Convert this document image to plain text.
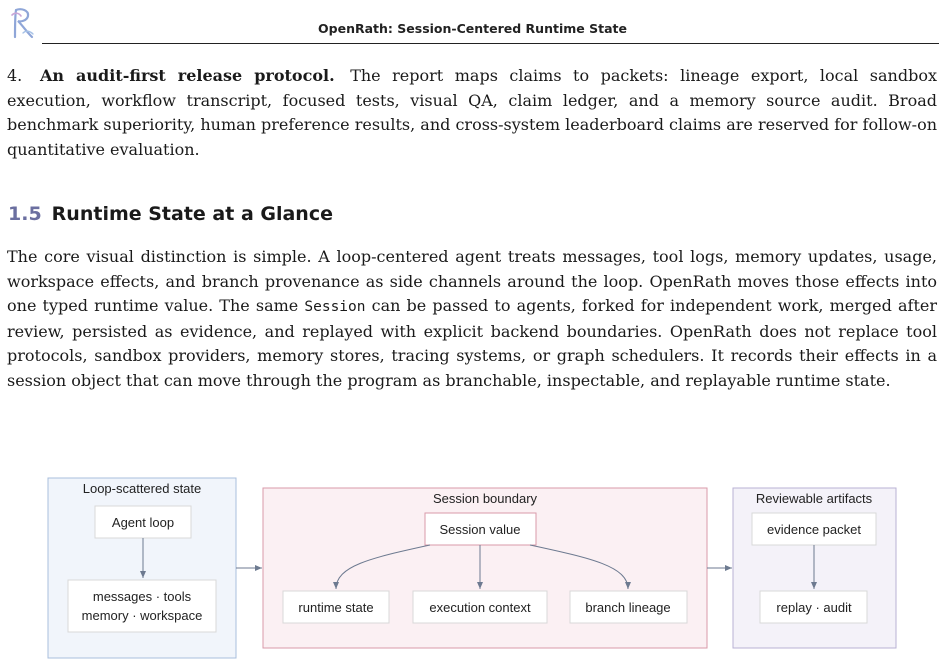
OpenRath: Session-Centered Runtime State
4. An audit-first release protocol. The report maps claims to packets: lineage export, local sandbox execution, workflow transcript, focused tests, visual QA, claim ledger, and a memory source audit. Broad benchmark superiority, human preference results, and cross-system leaderboard claims are reserved for follow-on quantitative evaluation.
1.5 Runtime State at a Glance
The core visual distinction is simple. A loop-centered agent treats messages, tool logs, memory updates, usage, workspace effects, and branch provenance as side channels around the loop. OpenRath moves those effects into one typed runtime value. The same Session can be passed to agents, forked for independent work, merged after review, persisted as evidence, and replayed with explicit backend boundaries. OpenRath does not replace tool protocols, sandbox providers, memory stores, tracing systems, or graph schedulers. It records their effects in a session object that can move through the program as branchable, inspectable, and replayable runtime state.
Loop-scattered state
Agent loop
messages · tools
memory · workspace
Session boundary
Session value
runtime state	execution context	branch lineage
Reviewable artifacts
evidence packet
replay · audit
